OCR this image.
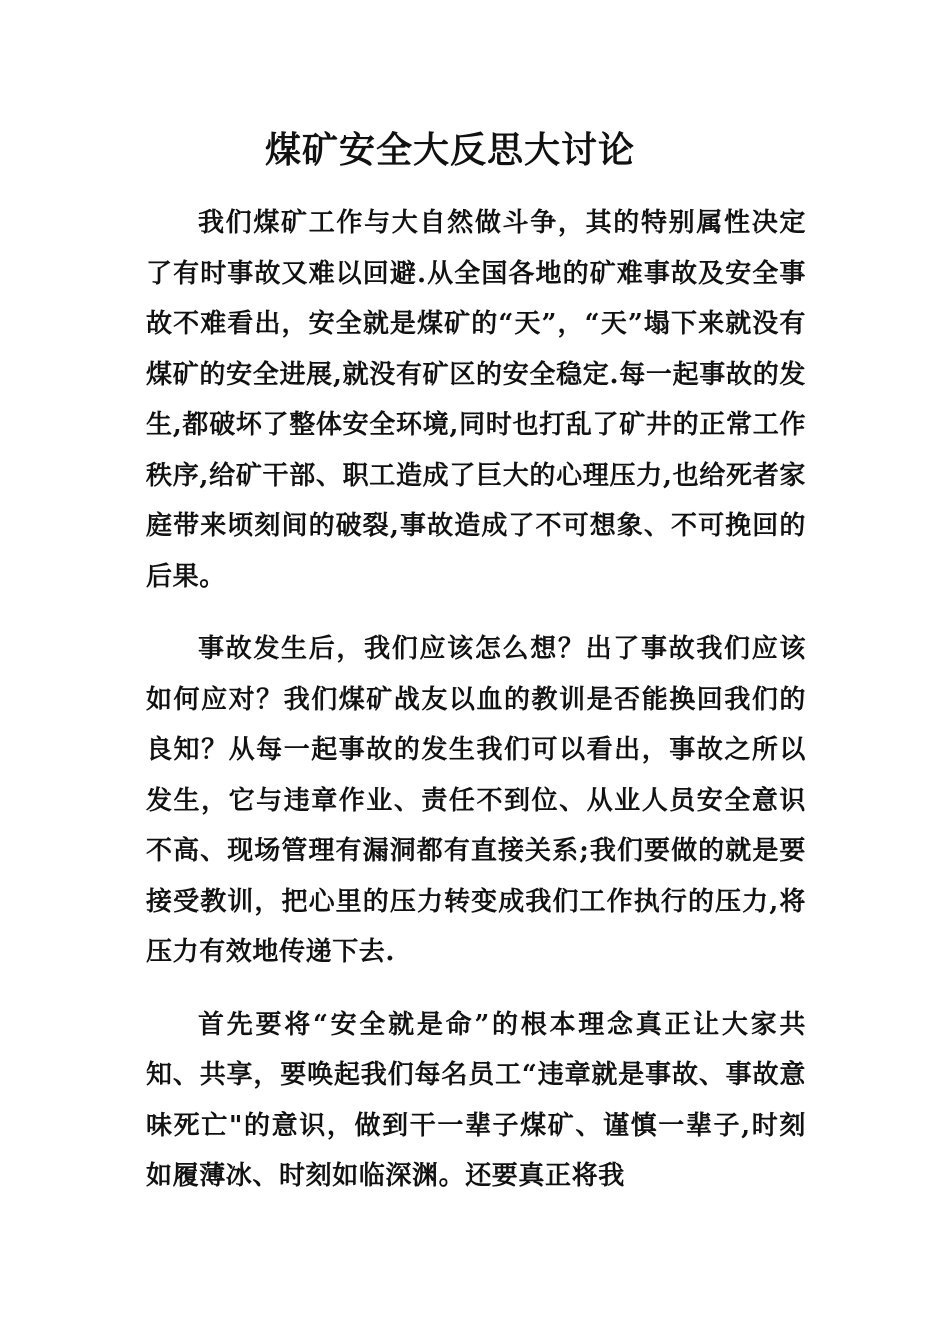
煤矿安全大反思大讨论

我们煤矿工作与大自然做斗争，其的特别属性决定了有时事故又难以回避.从全国各地的矿难事故及安全事故不难看出，安全就是煤矿的“天”，“天”塌下来就没有煤矿的安全进展,就没有矿区的安全稳定.每一起事故的发生,都破坏了整体安全环境,同时也打乱了矿井的正常工作秩序,给矿干部、职工造成了巨大的心理压力,也给死者家庭带来顷刻间的破裂,事故造成了不可想象、不可挽回的后果。

事故发生后，我们应该怎么想？出了事故我们应该如何应对？我们煤矿战友以血的教训是否能换回我们的良知？从每一起事故的发生我们可以看出，事故之所以发生，它与违章作业、责任不到位、从业人员安全意识不高、现场管理有漏洞都有直接关系;我们要做的就是要接受教训，把心里的压力转变成我们工作执行的压力,将压力有效地传递下去.

首先要将“安全就是命”的根本理念真正让大家共知、共享，要唤起我们每名员工“违章就是事故、事故意味死亡"的意识，做到干一辈子煤矿、谨慎一辈子,时刻如履薄冰、时刻如临深渊。还要真正将我
